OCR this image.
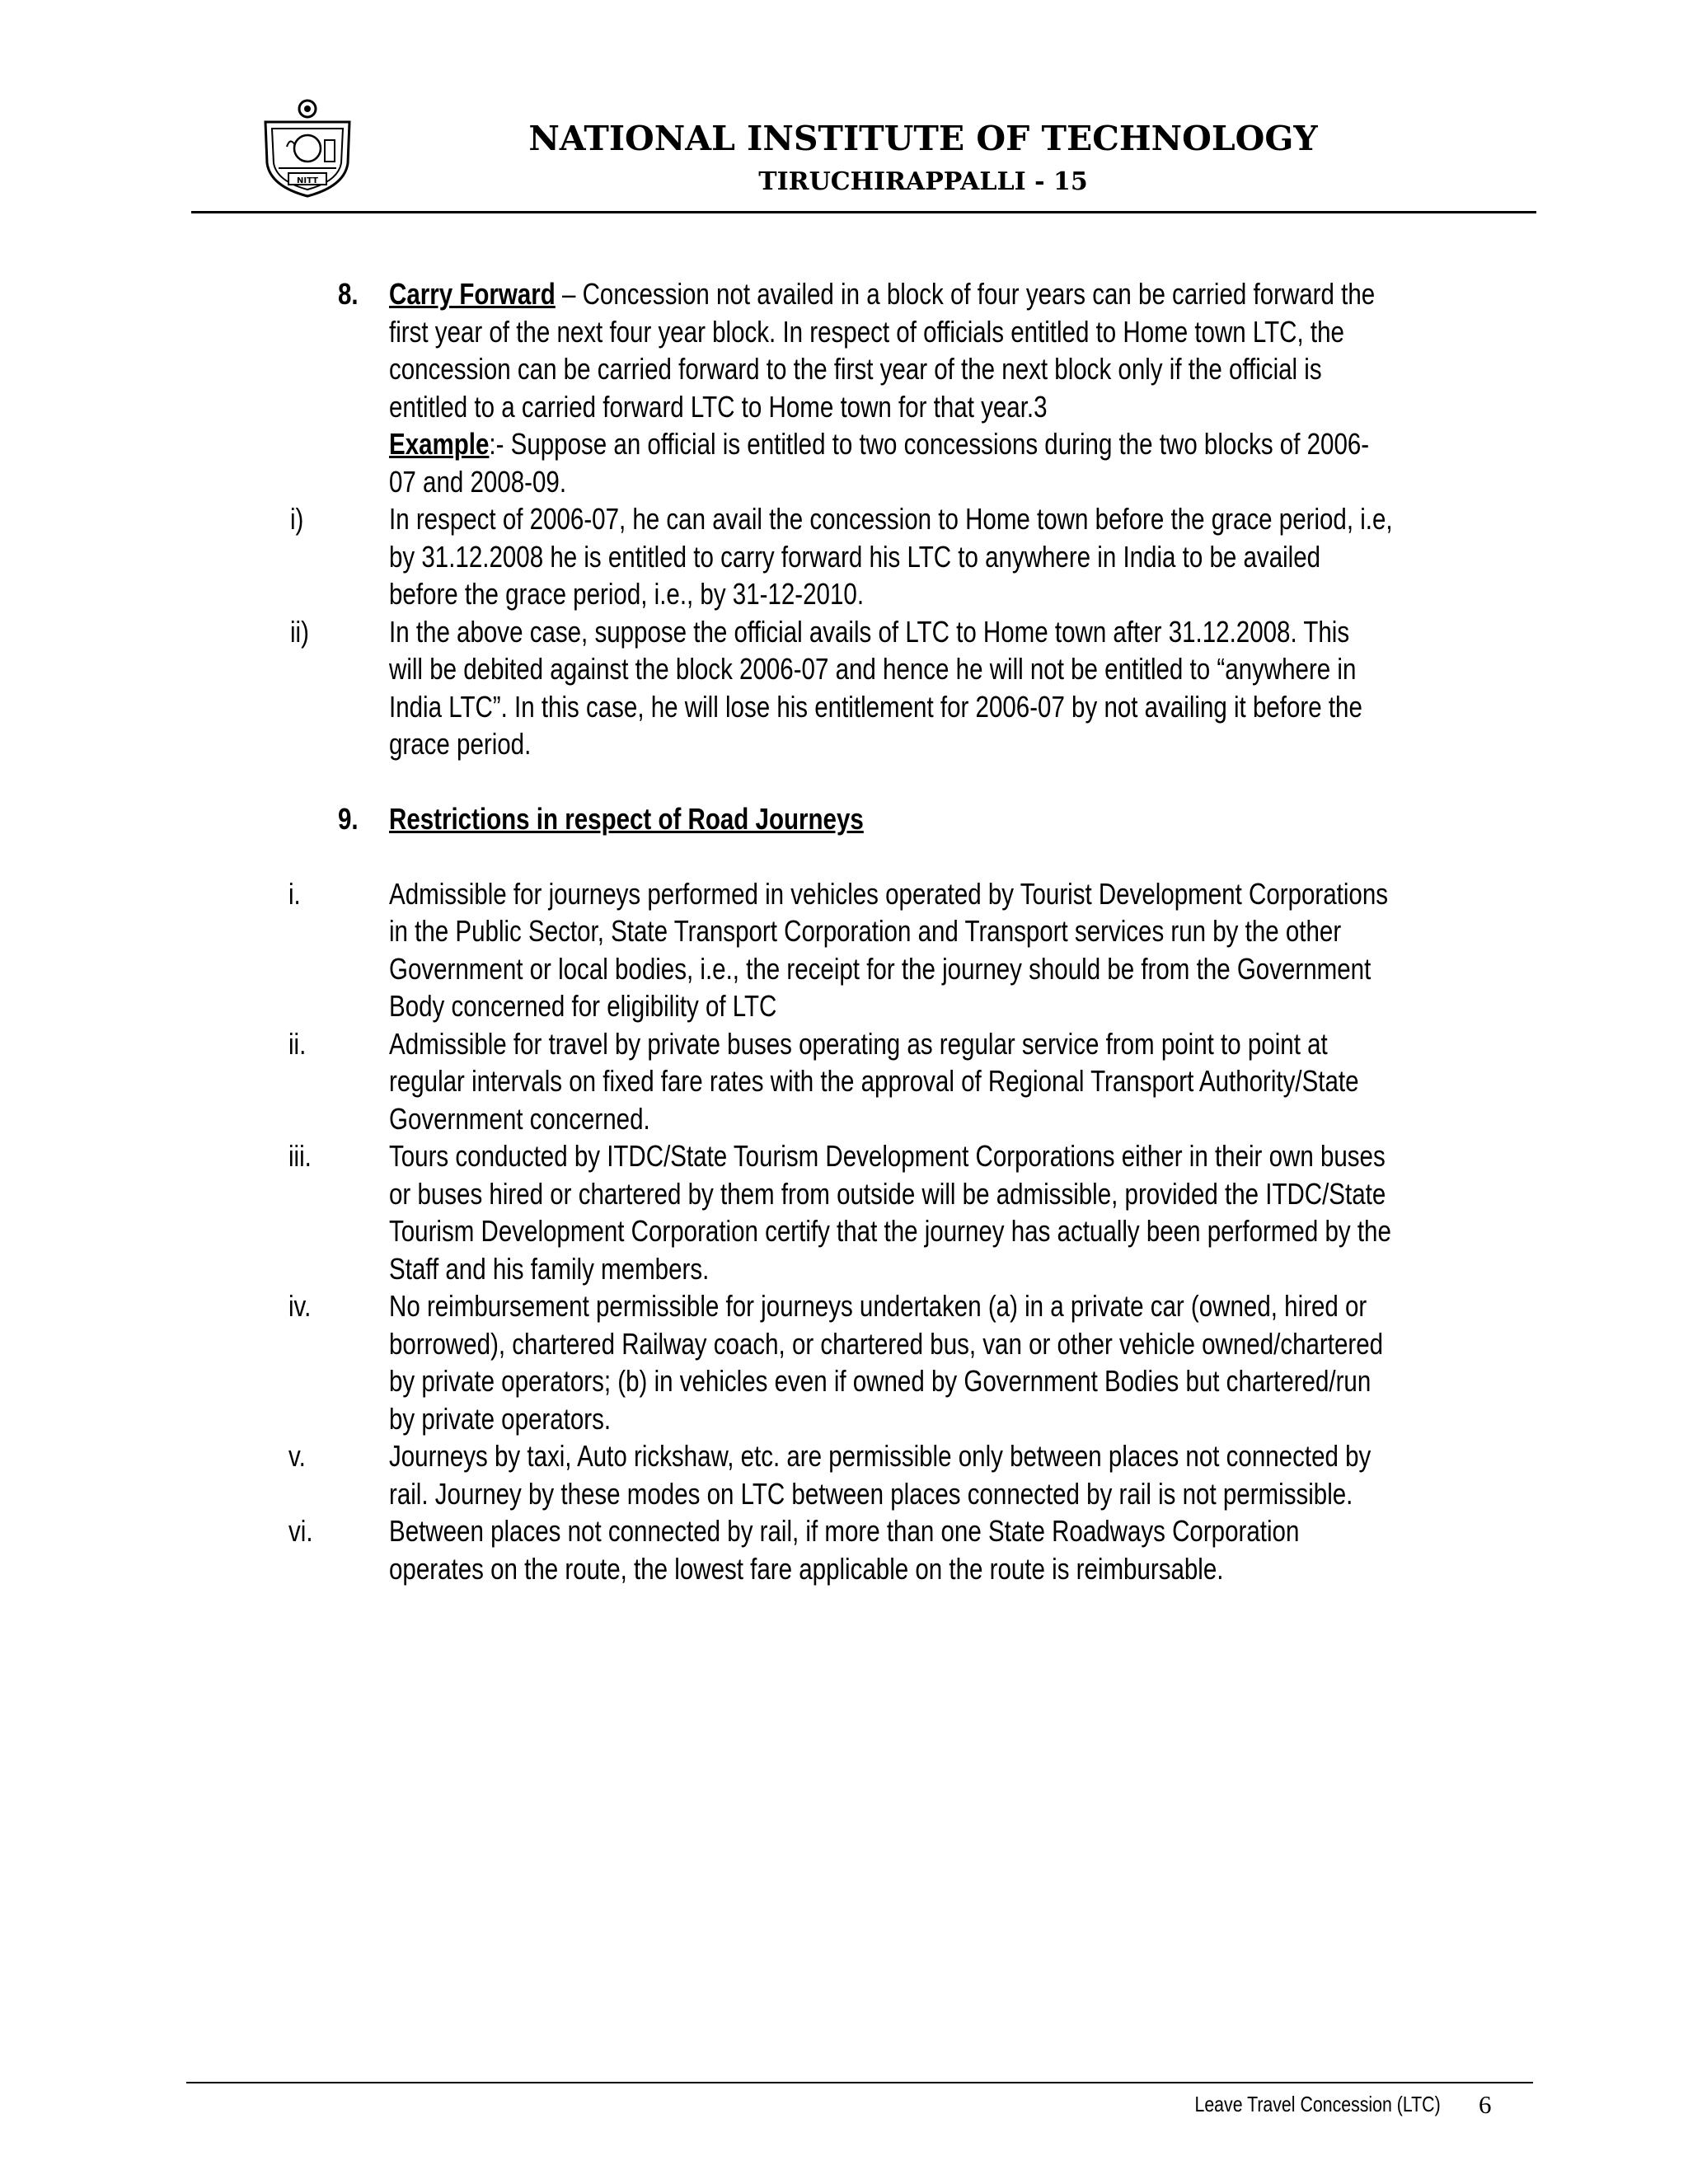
NITT
NATIONAL INSTITUTE OF TECHNOLOGY
TIRUCHIRAPPALLI - 15
8. Carry Forward – Concession not availed in a block of four years can be carried forward the
first year of the next four year block. In respect of officials entitled to Home town LTC, the
concession can be carried forward to the first year of the next block only if the official is
entitled to a carried forward LTC to Home town for that year.3
Example:- Suppose an official is entitled to two concessions during the two blocks of 2006-
07 and 2008-09.
i)	In respect of 2006-07, he can avail the concession to Home town before the grace period, i.e,
by 31.12.2008 he is entitled to carry forward his LTC to anywhere in India to be availed
before the grace period, i.e., by 31-12-2010.
ii)	In the above case, suppose the official avails of LTC to Home town after 31.12.2008. This
will be debited against the block 2006-07 and hence he will not be entitled to “anywhere in
India LTC”. In this case, he will lose his entitlement for 2006-07 by not availing it before the
grace period.
9. Restrictions in respect of Road Journeys
i.	Admissible for journeys performed in vehicles operated by Tourist Development Corporations
in the Public Sector, State Transport Corporation and Transport services run by the other
Government or local bodies, i.e., the receipt for the journey should be from the Government
Body concerned for eligibility of LTC
ii.	Admissible for travel by private buses operating as regular service from point to point at
regular intervals on fixed fare rates with the approval of Regional Transport Authority/State
Government concerned.
iii.	Tours conducted by ITDC/State Tourism Development Corporations either in their own buses
or buses hired or chartered by them from outside will be admissible, provided the ITDC/State
Tourism Development Corporation certify that the journey has actually been performed by the
Staff and his family members.
iv.	No reimbursement permissible for journeys undertaken (a) in a private car (owned, hired or
borrowed), chartered Railway coach, or chartered bus, van or other vehicle owned/chartered
by private operators; (b) in vehicles even if owned by Government Bodies but chartered/run
by private operators.
v.	Journeys by taxi, Auto rickshaw, etc. are permissible only between places not connected by
rail. Journey by these modes on LTC between places connected by rail is not permissible.
vi.	Between places not connected by rail, if more than one State Roadways Corporation
operates on the route, the lowest fare applicable on the route is reimbursable.
Leave Travel Concession (LTC) 6
